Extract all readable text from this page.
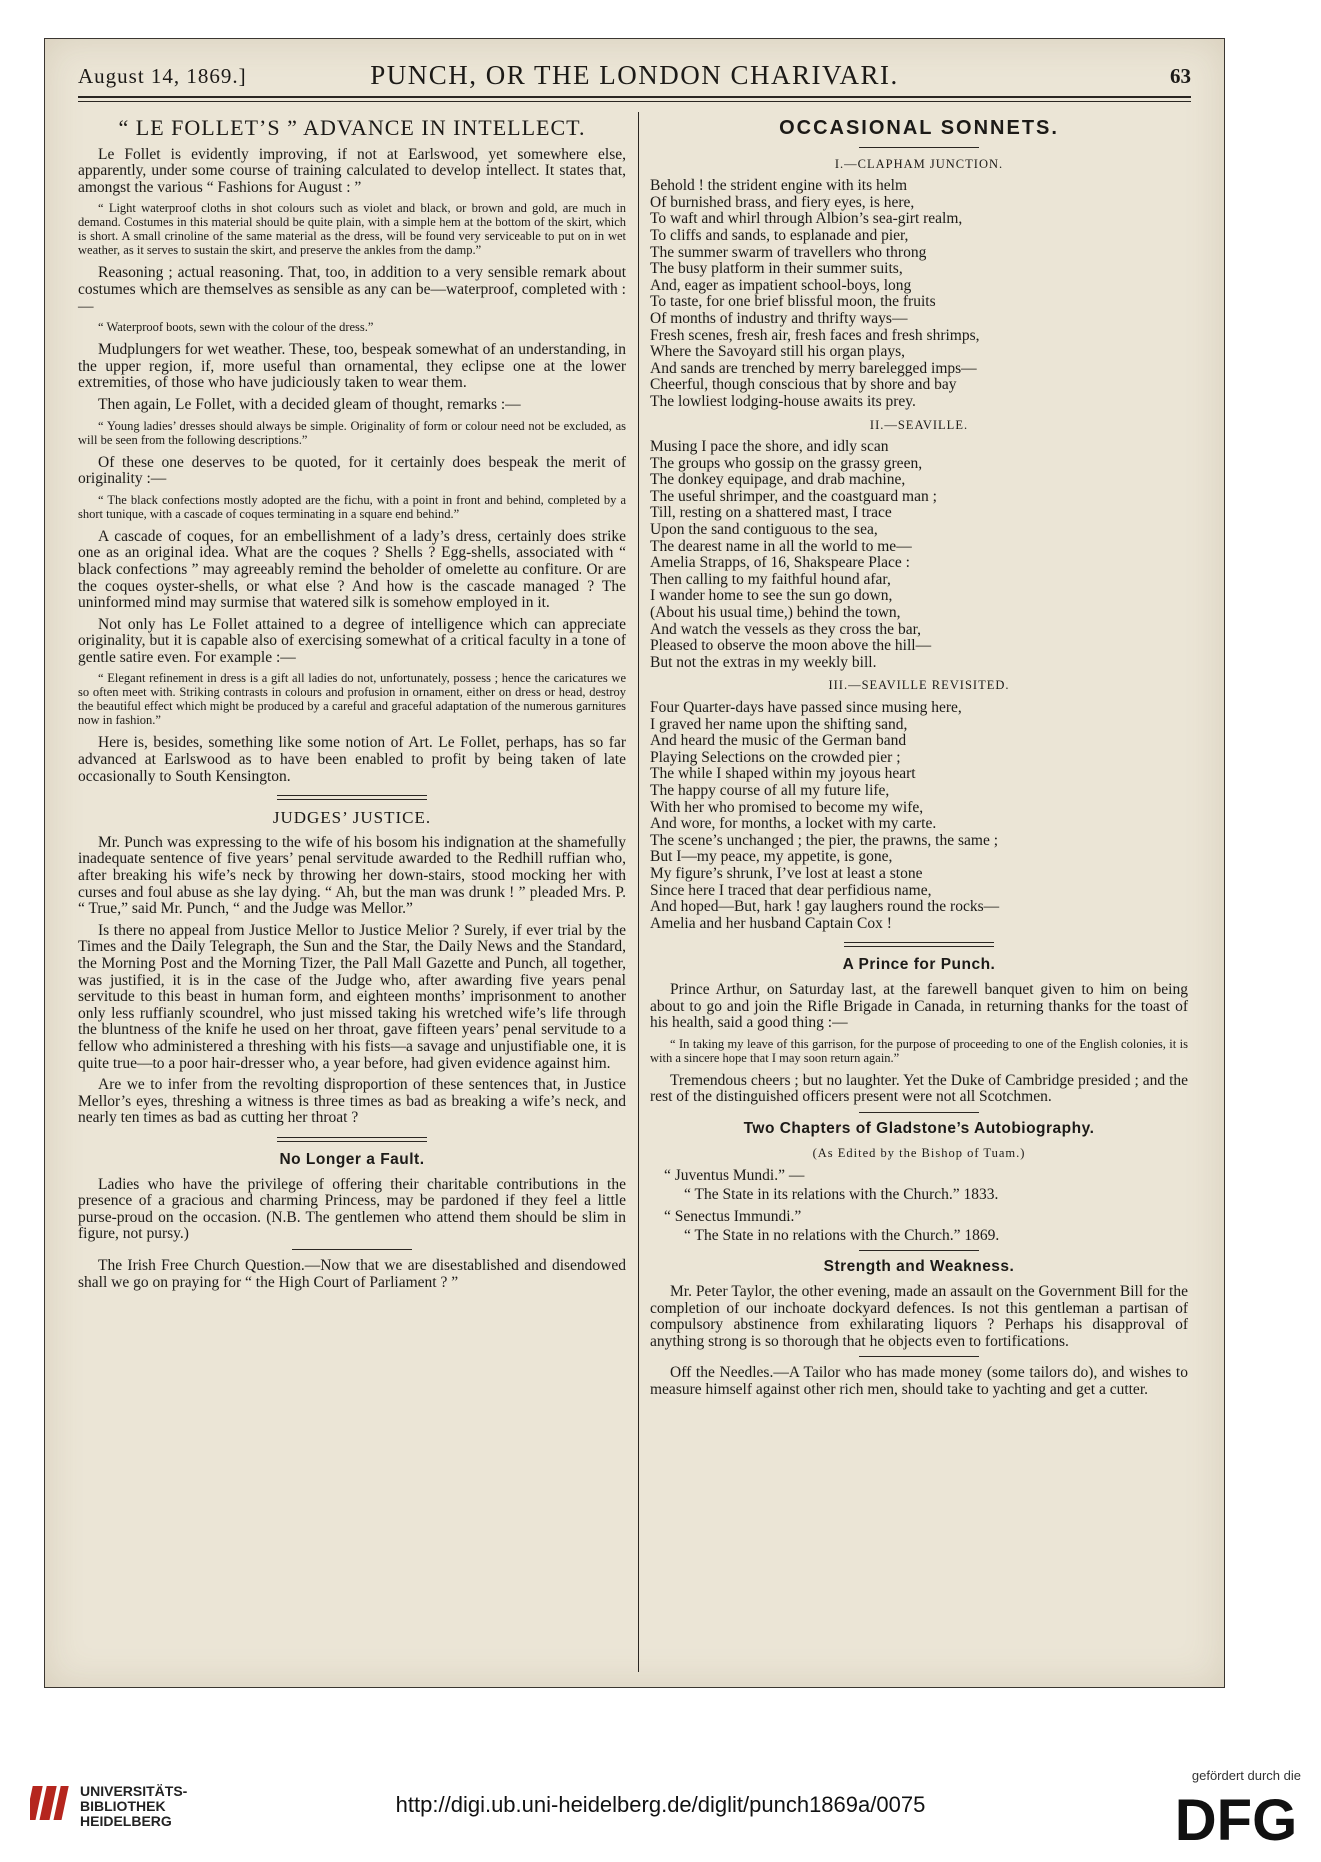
August 14, 1869.]	PUNCH, OR THE LONDON CHARIVARI.	63
“ LE FOLLET’S ” ADVANCE IN INTELLECT.

Le Follet is evidently improving, if not at Earlswood, yet somewhere else, apparently, under some course of training calculated to develop intellect. It states that, amongst the various “ Fashions for August : ”

“ Light waterproof cloths in shot colours such as violet and black, or brown and gold, are much in demand. Costumes in this material should be quite plain, with a simple hem at the bottom of the skirt, which is short. A small crinoline of the same material as the dress, will be found very serviceable to put on in wet weather, as it serves to sustain the skirt, and preserve the ankles from the damp.”

Reasoning ; actual reasoning. That, too, in addition to a very sensible remark about costumes which are themselves as sensible as any can be—waterproof, completed with :—

“ Waterproof boots, sewn with the colour of the dress.”

Mudplungers for wet weather. These, too, bespeak somewhat of an understanding, in the upper region, if, more useful than ornamental, they eclipse one at the lower extremities, of those who have judiciously taken to wear them.

Then again, Le Follet, with a decided gleam of thought, remarks :—

“ Young ladies’ dresses should always be simple. Originality of form or colour need not be excluded, as will be seen from the following descriptions.”

Of these one deserves to be quoted, for it certainly does bespeak the merit of originality :—

“ The black confections mostly adopted are the fichu, with a point in front and behind, completed by a short tunique, with a cascade of coques terminating in a square end behind.”

A cascade of coques, for an embellishment of a lady’s dress, certainly does strike one as an original idea. What are the coques ? Shells ? Egg-shells, associated with “ black confections ” may agreeably remind the beholder of omelette au confiture. Or are the coques oyster-shells, or what else ? And how is the cascade managed ? The uninformed mind may surmise that watered silk is somehow employed in it.

Not only has Le Follet attained to a degree of intelligence which can appreciate originality, but it is capable also of exercising somewhat of a critical faculty in a tone of gentle satire even. For example :—

“ Elegant refinement in dress is a gift all ladies do not, unfortunately, possess ; hence the caricatures we so often meet with. Striking contrasts in colours and profusion in ornament, either on dress or head, destroy the beautiful effect which might be produced by a careful and graceful adaptation of the numerous garnitures now in fashion.”

Here is, besides, something like some notion of Art. Le Follet, perhaps, has so far advanced at Earlswood as to have been enabled to profit by being taken of late occasionally to South Kensington.

JUDGES’ JUSTICE.

Mr. Punch was expressing to the wife of his bosom his indignation at the shamefully inadequate sentence of five years’ penal servitude awarded to the Redhill ruffian who, after breaking his wife’s neck by throwing her down-stairs, stood mocking her with curses and foul abuse as she lay dying. “ Ah, but the man was drunk ! ” pleaded Mrs. P. “ True,” said Mr. Punch, “ and the Judge was Mellor.”

Is there no appeal from Justice Mellor to Justice Melior ? Surely, if ever trial by the Times and the Daily Telegraph, the Sun and the Star, the Daily News and the Standard, the Morning Post and the Morning Tizer, the Pall Mall Gazette and Punch, all together, was justified, it is in the case of the Judge who, after awarding five years penal servitude to this beast in human form, and eighteen months’ imprisonment to another only less ruffianly scoundrel, who just missed taking his wretched wife’s life through the bluntness of the knife he used on her throat, gave fifteen years’ penal servitude to a fellow who administered a threshing with his fists—a savage and unjustifiable one, it is quite true—to a poor hair-dresser who, a year before, had given evidence against him.

Are we to infer from the revolting disproportion of these sentences that, in Justice Mellor’s eyes, threshing a witness is three times as bad as breaking a wife’s neck, and nearly ten times as bad as cutting her throat ?

No Longer a Fault.

Ladies who have the privilege of offering their charitable contributions in the presence of a gracious and charming Princess, may be pardoned if they feel a little purse-proud on the occasion. (N.B. The gentlemen who attend them should be slim in figure, not pursy.)

The Irish Free Church Question.—Now that we are disestablished and disendowed shall we go on praying for “ the High Court of Parliament ? ”

OCCASIONAL SONNETS.
I.—CLAPHAM JUNCTION.
Behold ! the strident engine with its helm
Of burnished brass, and fiery eyes, is here,
To waft and whirl through Albion’s sea-girt realm,
To cliffs and sands, to esplanade and pier,
The summer swarm of travellers who throng
The busy platform in their summer suits,
And, eager as impatient school-boys, long
To taste, for one brief blissful moon, the fruits
Of months of industry and thrifty ways—
Fresh scenes, fresh air, fresh faces and fresh shrimps,
Where the Savoyard still his organ plays,
And sands are trenched by merry barelegged imps—
Cheerful, though conscious that by shore and bay
The lowliest lodging-house awaits its prey.
II.—SEAVILLE.
Musing I pace the shore, and idly scan
The groups who gossip on the grassy green,
The donkey equipage, and drab machine,
The useful shrimper, and the coastguard man ;
Till, resting on a shattered mast, I trace
Upon the sand contiguous to the sea,
The dearest name in all the world to me—
Amelia Strapps, of 16, Shakspeare Place :
Then calling to my faithful hound afar,
I wander home to see the sun go down,
(About his usual time,) behind the town,
And watch the vessels as they cross the bar,
Pleased to observe the moon above the hill—
But not the extras in my weekly bill.
III.—SEAVILLE REVISITED.
Four Quarter-days have passed since musing here,
I graved her name upon the shifting sand,
And heard the music of the German band
Playing Selections on the crowded pier ;
The while I shaped within my joyous heart
The happy course of all my future life,
With her who promised to become my wife,
And wore, for months, a locket with my carte.
The scene’s unchanged ; the pier, the prawns, the same ;
But I—my peace, my appetite, is gone,
My figure’s shrunk, I’ve lost at least a stone
Since here I traced that dear perfidious name,
And hoped—But, hark ! gay laughers round the rocks—
Amelia and her husband Captain Cox !
A Prince for Punch.

Prince Arthur, on Saturday last, at the farewell banquet given to him on being about to go and join the Rifle Brigade in Canada, in returning thanks for the toast of his health, said a good thing :—

“ In taking my leave of this garrison, for the purpose of proceeding to one of the English colonies, it is with a sincere hope that I may soon return again.”

Tremendous cheers ; but no laughter. Yet the Duke of Cambridge presided ; and the rest of the distinguished officers present were not all Scotchmen.

Two Chapters of Gladstone’s Autobiography.
(As Edited by the Bishop of Tuam.)

“ Juventus Mundi.” —

“ The State in its relations with the Church.” 1833.

“ Senectus Immundi.”

“ The State in no relations with the Church.” 1869.

Strength and Weakness.

Mr. Peter Taylor, the other evening, made an assault on the Government Bill for the completion of our inchoate dockyard defences. Is not this gentleman a partisan of compulsory abstinence from exhilarating liquors ? Perhaps his disapproval of anything strong is so thorough that he objects even to fortifications.

Off the Needles.—A Tailor who has made money (some tailors do), and wishes to measure himself against other rich men, should take to yachting and get a cutter.

UNIVERSITÄTS-
BIBLIOTHEK
HEIDELBERG
http://digi.ub.uni-heidelberg.de/diglit/punch1869a/0075
gefördert durch die
DFG
